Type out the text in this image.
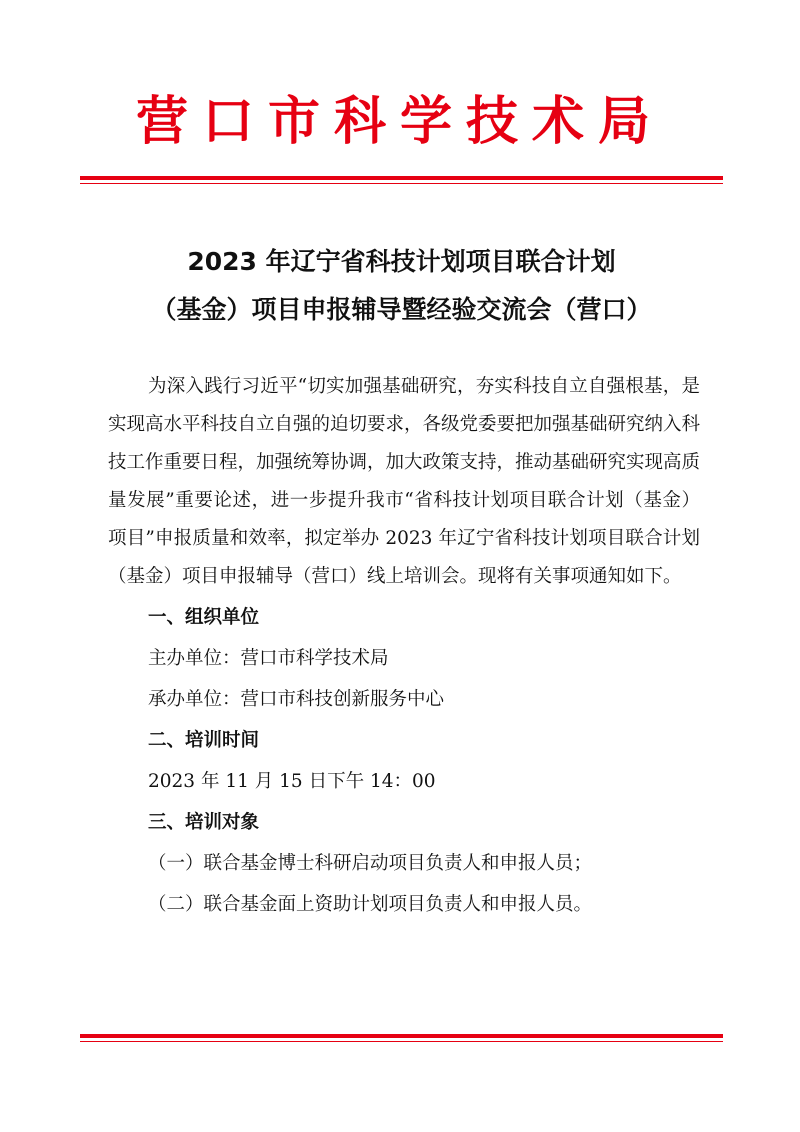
营口市科学技术局
2023 年辽宁省科技计划项目联合计划
（基金）项目申报辅导暨经验交流会（营口）

为深入践行习近平“切实加强基础研究，夯实科技自立自强根基，是实现高水平科技自立自强的迫切要求，各级党委要把加强基础研究纳入科技工作重要日程，加强统筹协调，加大政策支持，推动基础研究实现高质量发展”重要论述，进一步提升我市“省科技计划项目联合计划（基金）项目”申报质量和效率，拟定举办 2023 年辽宁省科技计划项目联合计划（基金）项目申报辅导（营口）线上培训会。现将有关事项通知如下。

一、组织单位

主办单位：营口市科学技术局

承办单位：营口市科技创新服务中心

二、培训时间

2023 年 11 月 15 日下午 14：00

三、培训对象

（一）联合基金博士科研启动项目负责人和申报人员；

（二）联合基金面上资助计划项目负责人和申报人员。
